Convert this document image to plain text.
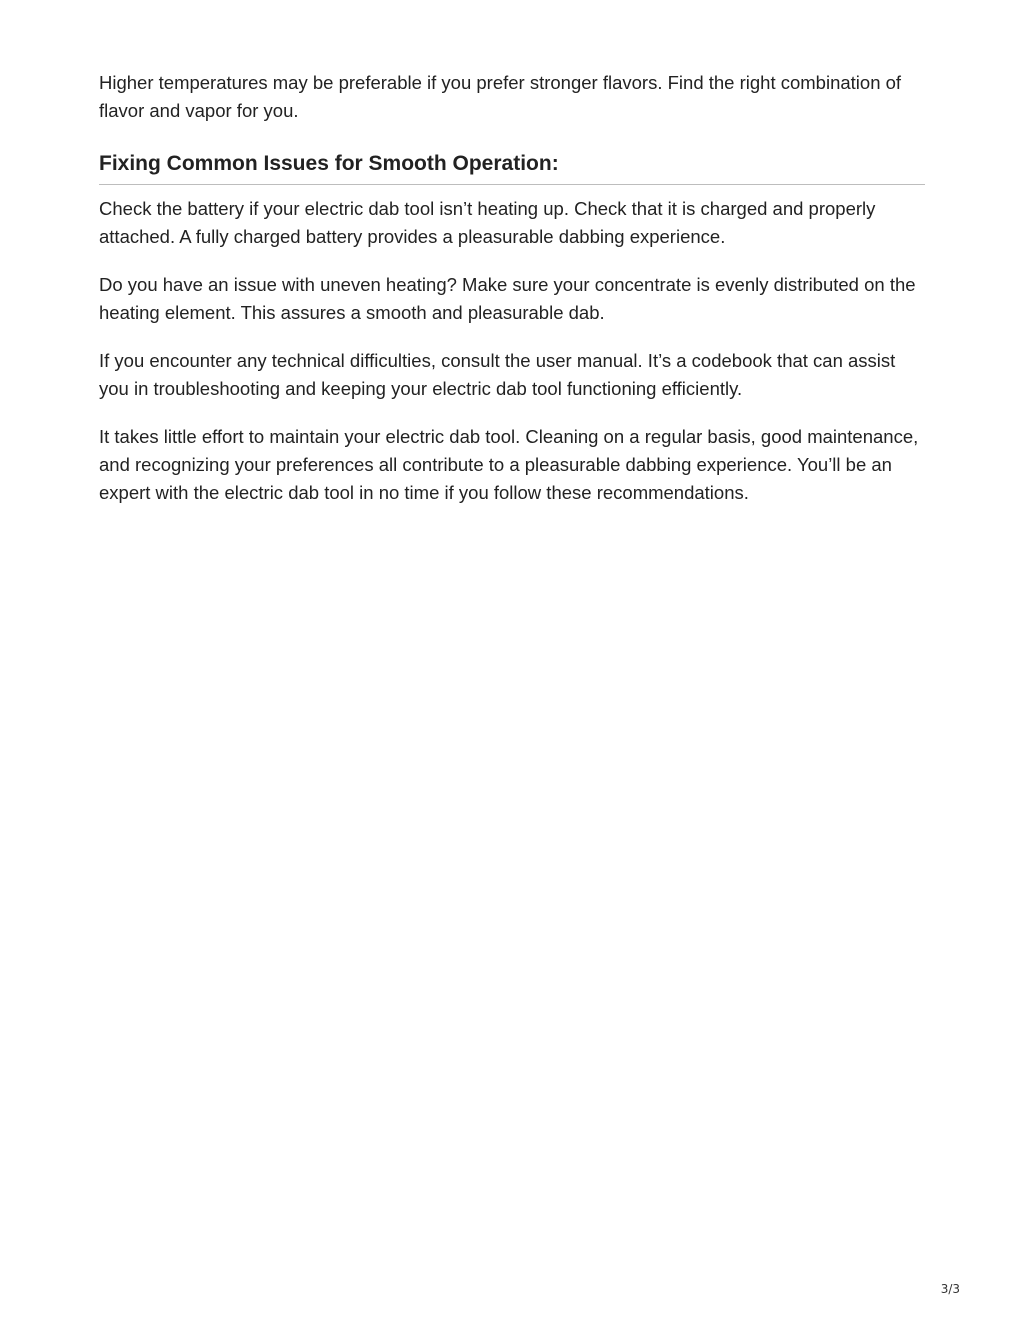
Higher temperatures may be preferable if you prefer stronger flavors. Find the right combination of flavor and vapor for you.

Fixing Common Issues for Smooth Operation:

Check the battery if your electric dab tool isn’t heating up. Check that it is charged and properly attached. A fully charged battery provides a pleasurable dabbing experience.

Do you have an issue with uneven heating? Make sure your concentrate is evenly distributed on the heating element. This assures a smooth and pleasurable dab.

If you encounter any technical difficulties, consult the user manual. It’s a codebook that can assist you in troubleshooting and keeping your electric dab tool functioning efficiently.

It takes little effort to maintain your electric dab tool. Cleaning on a regular basis, good maintenance, and recognizing your preferences all contribute to a pleasurable dabbing experience. You’ll be an expert with the electric dab tool in no time if you follow these recommendations.

3/3
